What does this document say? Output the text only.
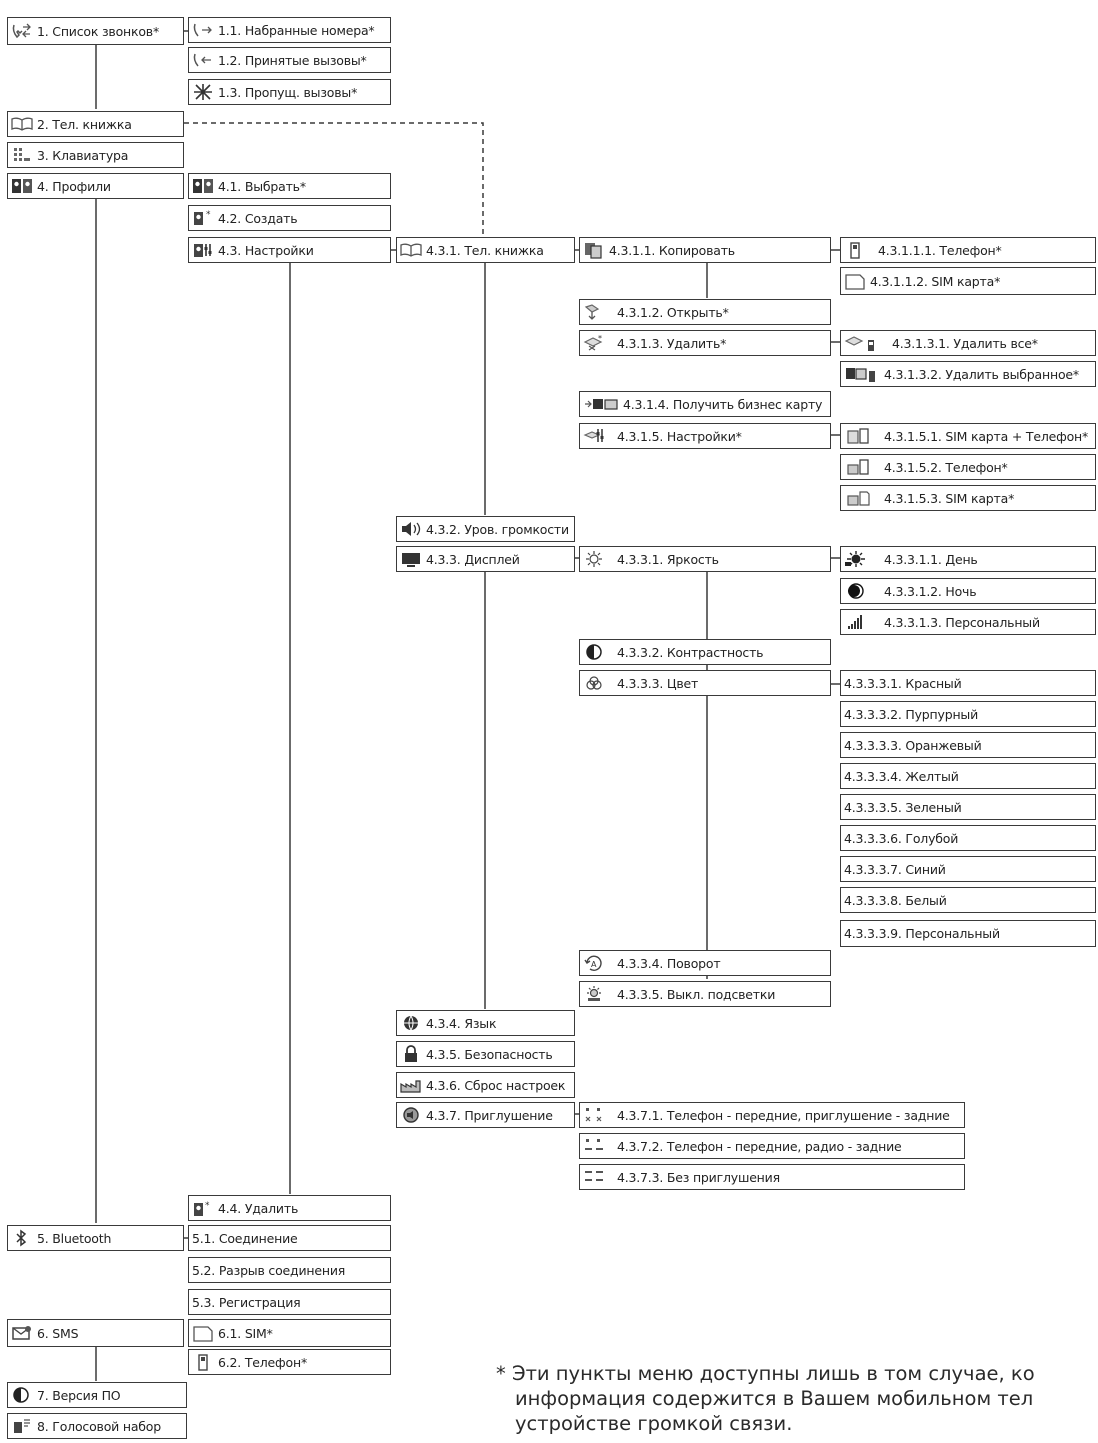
1. Список звонков*
2. Тел. книжка
3. Клавиатура
4. Профили
5. Bluetooth
6. SMS
7. Версия ПО
8. Голосовой набор
1.1. Набранные номера*
1.2. Принятые вызовы*
1.3. Пропущ. вызовы*
4.1. Выбрать*
* 4.2. Создать
4.3. Настройки
* 4.4. Удалить
5.1. Соединение
5.2. Разрыв соединения
5.3. Регистрация
6.1. SIM*
6.2. Телефон*
4.3.1. Тел. книжка
4.3.2. Уров. громкости
4.3.3. Дисплей
4.3.4. Язык
4.3.5. Безопасность
4.3.6. Сброс настроек
4.3.7. Приглушение
4.3.1.1. Копировать
4.3.1.2. Открыть*
*	4.3.1.3. Удалить*
4.3.1.4. Получить бизнес карту
4.3.1.5. Настройки*
4.3.3.1. Яркость
4.3.3.2. Контрастность
4.3.3.3. Цвет
A	4.3.3.4. Поворот
4.3.3.5. Выкл. подсветки
4.3.7.1. Телефон - передние, приглушение - задние
4.3.7.2. Телефон - передние, радио - задние
4.3.7.3. Без приглушения
4.3.1.1.1. Телефон*
4.3.1.1.2. SIM карта*
4.3.1.3.1. Удалить все*
4.3.1.3.2. Удалить выбранное*
4.3.1.5.1. SIM карта + Телефон*
4.3.1.5.2. Телефон*
4.3.1.5.3. SIM карта*
4.3.3.1.1. День
4.3.3.1.2. Ночь
4.3.3.1.3. Персональный
4.3.3.3.1. Красный
4.3.3.3.2. Пурпурный
4.3.3.3.3. Оранжевый
4.3.3.3.4. Желтый
4.3.3.3.5. Зеленый
4.3.3.3.6. Голубой
4.3.3.3.7. Синий
4.3.3.3.8. Белый
4.3.3.3.9. Персональный
* Эти пункты меню доступны лишь в том случае, ко
информация содержится в Вашем мобильном тел
устройстве громкой связи.
